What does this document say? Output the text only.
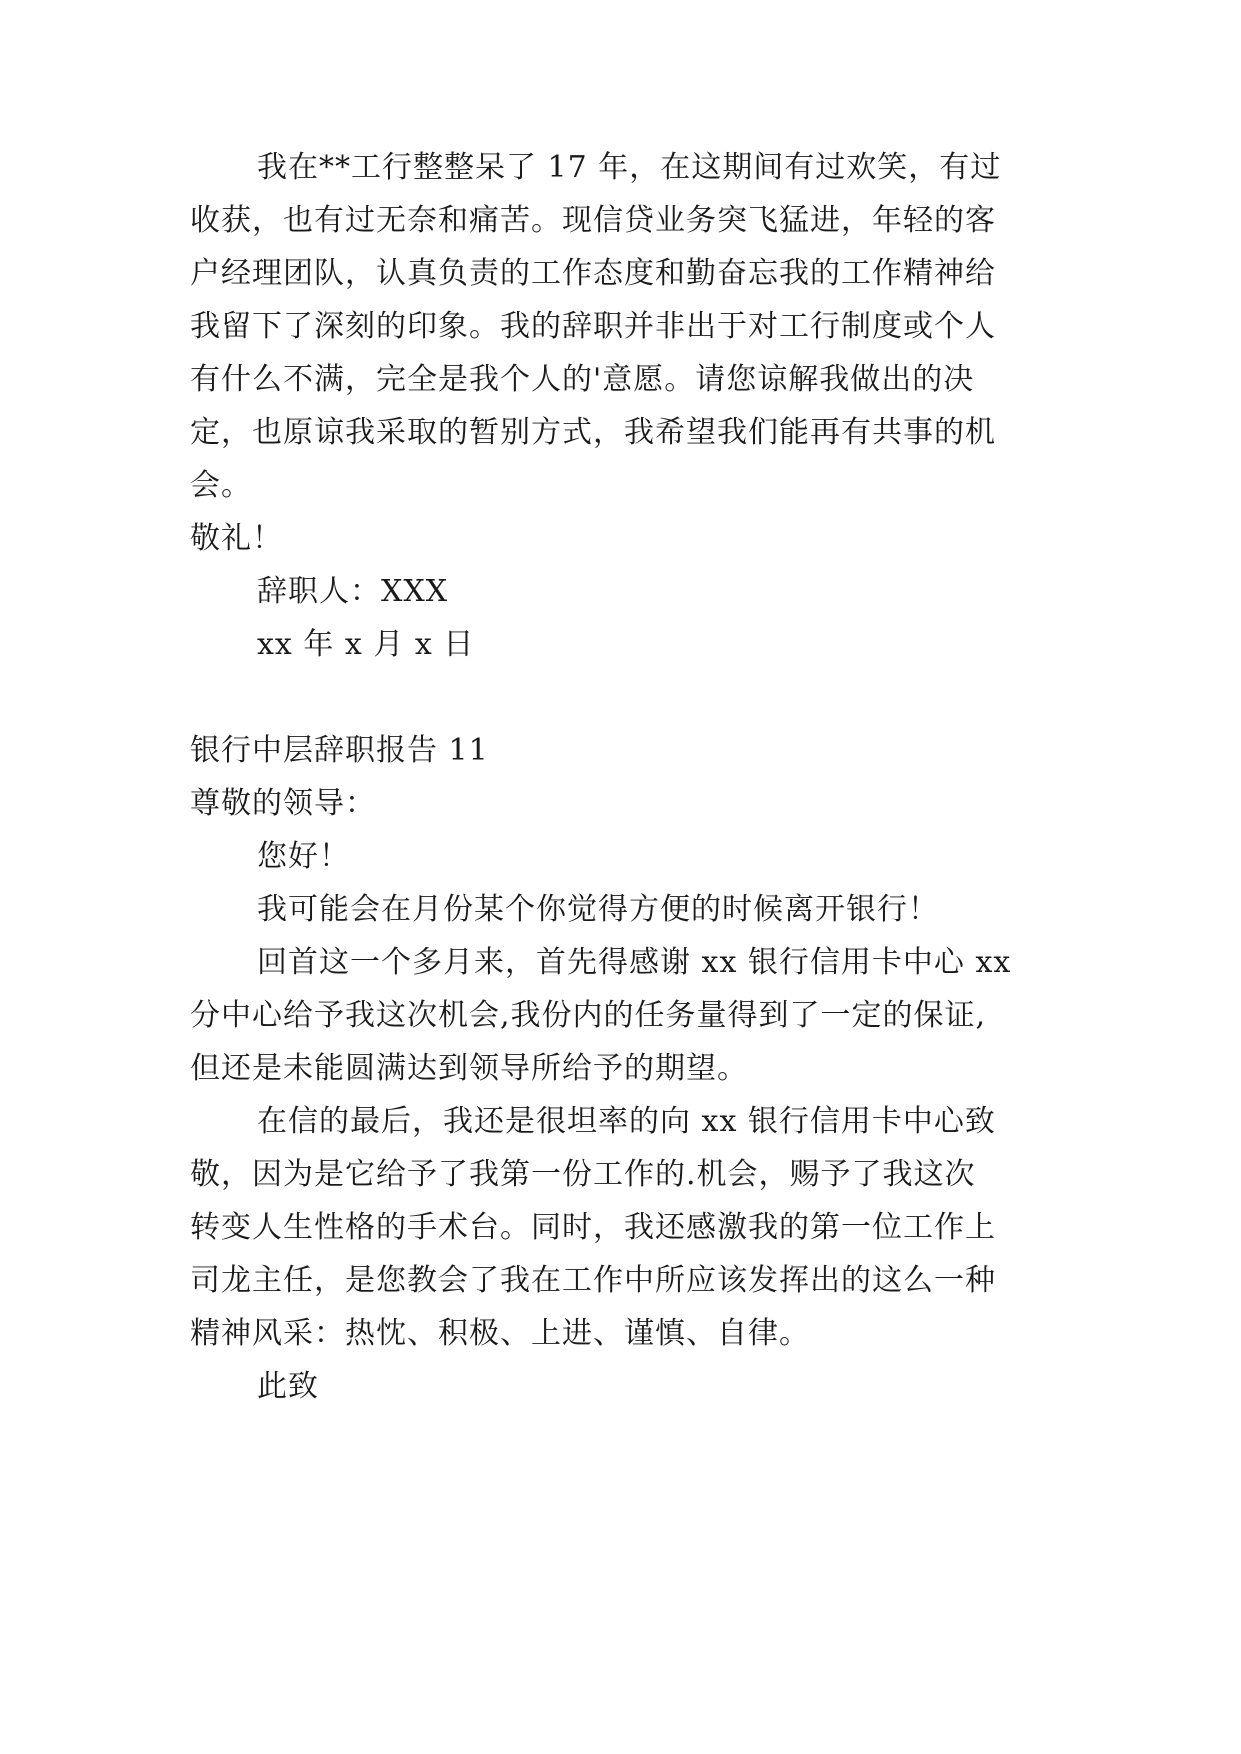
我在**工行整整呆了 17 年，在这期间有过欢笑，有过
收获，也有过无奈和痛苦。现信贷业务突飞猛进，年轻的客
户经理团队，认真负责的工作态度和勤奋忘我的工作精神给
我留下了深刻的印象。我的辞职并非出于对工行制度或个人
有什么不满，完全是我个人的'意愿。请您谅解我做出的决
定，也原谅我采取的暂别方式，我希望我们能再有共事的机
会。
敬礼！
辞职人：XXX
xx 年 x 月 x 日
银行中层辞职报告 11
尊敬的领导：
您好！
我可能会在月份某个你觉得方便的时候离开银行！
回首这一个多月来，首先得感谢 xx 银行信用卡中心 xx
分中心给予我这次机会,我份内的任务量得到了一定的保证,
但还是未能圆满达到领导所给予的期望。
在信的最后，我还是很坦率的向 xx 银行信用卡中心致
敬，因为是它给予了我第一份工作的.机会，赐予了我这次
转变人生性格的手术台。同时，我还感激我的第一位工作上
司龙主任，是您教会了我在工作中所应该发挥出的这么一种
精神风采：热忱、积极、上进、谨慎、自律。
此致
